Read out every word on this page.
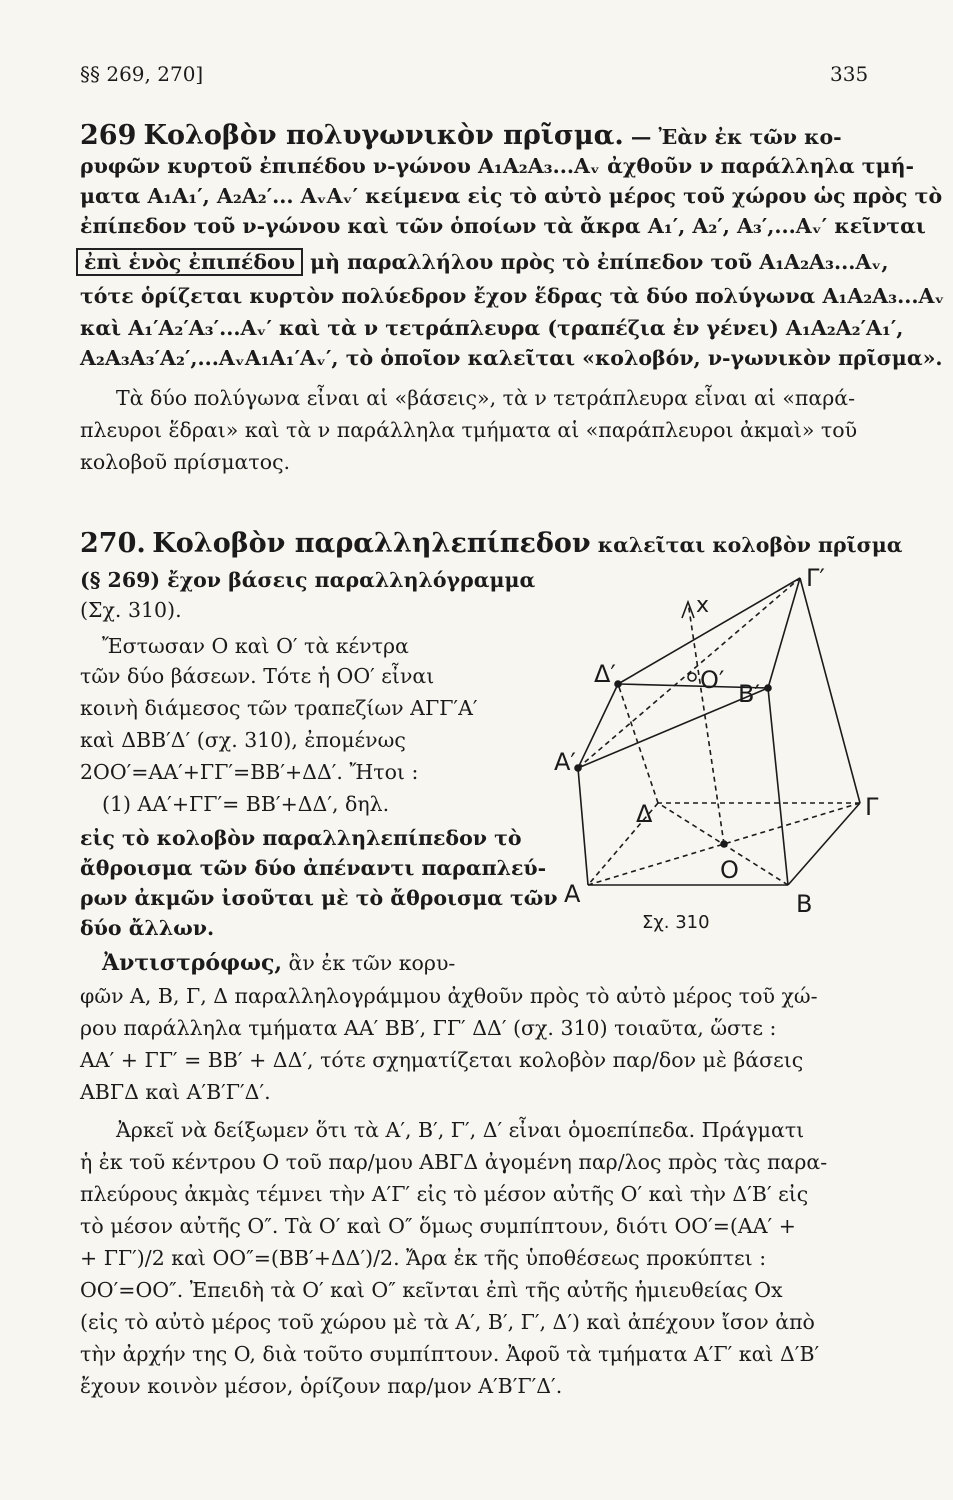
§§ 269, 270]	335
269 Κολοβὸν πολυγωνικὸν πρῖσμα. — Ἐὰν ἐκ τῶν κο-
ρυφῶν κυρτοῦ ἐπιπέδου ν-γώνου A₁A₂A₃...Aᵥ ἀχθοῦν ν παράλληλα τμή-
ματα A₁A₁′, A₂A₂′... AᵥAᵥ′ κείμενα εἰς τὸ αὐτὸ μέρος τοῦ χώρου ὡς πρὸς τὸ
ἐπίπεδον τοῦ ν-γώνου καὶ τῶν ὁποίων τὰ ἄκρα A₁′, A₂′, A₃′,...Aᵥ′ κεῖνται
ἐπὶ ἑνὸς ἐπιπέδου μὴ παραλλήλου πρὸς τὸ ἐπίπεδον τοῦ A₁A₂A₃...Aᵥ,
τότε ὁρίζεται κυρτὸν πολύεδρον ἔχον ἕδρας τὰ δύο πολύγωνα A₁A₂A₃...Aᵥ
καὶ A₁′A₂′A₃′...Aᵥ′ καὶ τὰ ν τετράπλευρα (τραπέζια ἐν γένει) A₁A₂A₂′A₁′,
A₂A₃A₃′A₂′,...AᵥA₁A₁′Aᵥ′, τὸ ὁποῖον καλεῖται «κολοβόν, ν-γωνικὸν πρῖσμα».
Τὰ δύο πολύγωνα εἶναι αἱ «βάσεις», τὰ ν τετράπλευρα εἶναι αἱ «παρά-
πλευροι ἕδραι» καὶ τὰ ν παράλληλα τμήματα αἱ «παράπλευροι ἀκμαὶ» τοῦ
κολοβοῦ πρίσματος.
270. Κολοβὸν παραλληλεπίπεδον καλεῖται κολοβὸν πρῖσμα
(§ 269) ἔχον βάσεις παραλληλόγραμμα
(Σχ. 310).
Ἔστωσαν O καὶ O′ τὰ κέντρα
τῶν δύο βάσεων. Τότε ἡ OO′ εἶναι
κοινὴ διάμεσος τῶν τραπεζίων ΑΓΓ′Α′
καὶ ΔΒΒ′Δ′ (σχ. 310), ἐπομένως
2OO′=AA′+ΓΓ′=BB′+ΔΔ′. Ἤτοι :
(1) AA′+ΓΓ′= BB′+ΔΔ′, δηλ.
εἰς τὸ κολοβὸν παραλληλεπίπεδον τὸ
ἄθροισμα τῶν δύο ἀπέναντι παραπλεύ-
ρων ἀκμῶν ἰσοῦται μὲ τὸ ἄθροισμα τῶν
δύο ἄλλων.
Ἀντιστρόφως, ἂν ἐκ τῶν κορυ-
φῶν A, B, Γ, Δ παραλληλογράμμου ἀχθοῦν πρὸς τὸ αὐτὸ μέρος τοῦ χώ-
ρου παράλληλα τμήματα AA′ BB′, ΓΓ′ ΔΔ′ (σχ. 310) τοιαῦτα, ὥστε :
AA′ + ΓΓ′ = BB′ + ΔΔ′, τότε σχηματίζεται κολοβὸν παρ/δον μὲ βάσεις
ΑΒΓΔ καὶ Α′Β′Γ′Δ′.
Ἀρκεῖ νὰ δείξωμεν ὅτι τὰ A′, B′, Γ′, Δ′ εἶναι ὁμοεπίπεδα. Πράγματι
ἡ ἐκ τοῦ κέντρου O τοῦ παρ/μου ΑΒΓΔ ἀγομένη παρ/λος πρὸς τὰς παρα-
πλεύρους ἀκμὰς τέμνει τὴν Α′Γ′ εἰς τὸ μέσον αὐτῆς O′ καὶ τὴν Δ′Β′ εἰς
τὸ μέσον αὐτῆς O″. Τὰ O′ καὶ O″ ὅμως συμπίπτουν, διότι OO′=(AA′ +
+ ΓΓ′)/2 καὶ OO″=(BB′+ΔΔ′)/2. Ἄρα ἐκ τῆς ὑποθέσεως προκύπτει :
OO′=OO″. Ἐπειδὴ τὰ O′ καὶ O″ κεῖνται ἐπὶ τῆς αὐτῆς ἡμιευθείας Ox
(εἰς τὸ αὐτὸ μέρος τοῦ χώρου μὲ τὰ A′, B′, Γ′, Δ′) καὶ ἀπέχουν ἴσον ἀπὸ
τὴν ἀρχήν της O, διὰ τοῦτο συμπίπτουν. Ἀφοῦ τὰ τμήματα Α′Γ′ καὶ Δ′Β′
ἔχουν κοινὸν μέσον, ὁρίζουν παρ/μον Α′Β′Γ′Δ′.
x
Γ′
Δ′	O′ B′
A′
Δ	Γ
O
A	B
Σχ. 310
